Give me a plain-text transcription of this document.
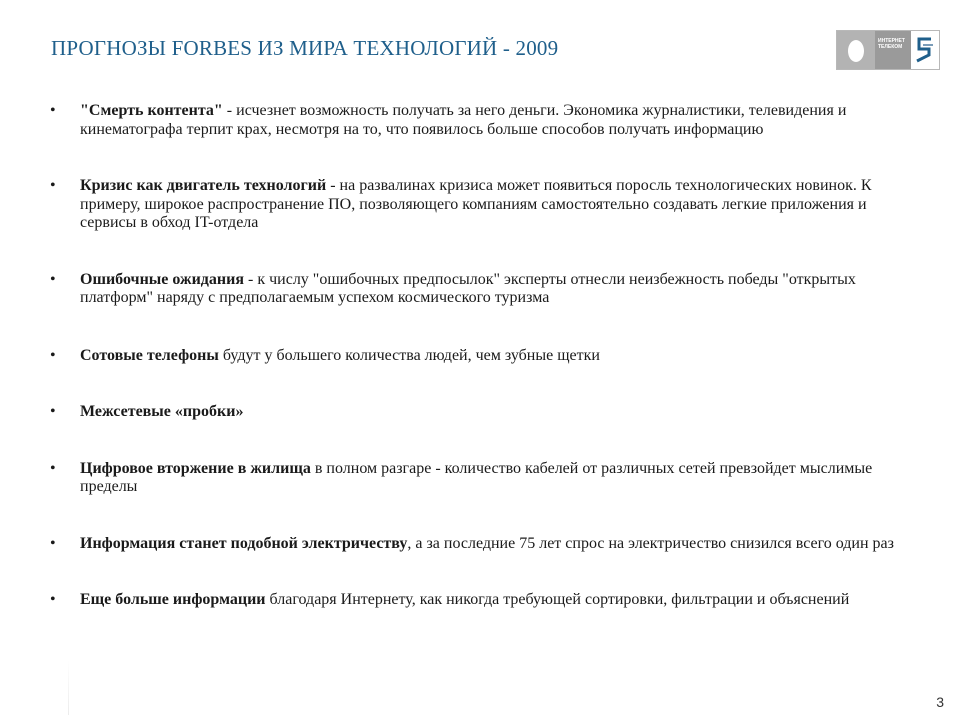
ПРОГНОЗЫ FORBES ИЗ МИРА ТЕХНОЛОГИЙ - 2009	ИНТЕРНЕТ
ТЕЛЕКОМ
• "Смерть контента" - исчезнет возможность получать за него деньги. Экономика журналистики, телевидения и кинематографа терпит крах, несмотря на то, что появилось больше способов получать информацию
• Кризис как двигатель технологий - на развалинах кризиса может появиться поросль технологических новинок. К примеру, широкое распространение ПО, позволяющего компаниям самостоятельно создавать легкие приложения и сервисы в обход IT-отдела
• Ошибочные ожидания - к числу "ошибочных предпосылок" эксперты отнесли неизбежность победы "открытых платформ" наряду с предполагаемым успехом космического туризма
• Сотовые телефоны будут у большего количества людей, чем зубные щетки
• Межсетевые «пробки»
• Цифровое вторжение в жилища в полном разгаре - количество кабелей от различных сетей превзойдет мыслимые пределы
• Информация станет подобной электричеству, а за последние 75 лет спрос на электричество снизился всего один раз
• Еще больше информации благодаря Интернету, как никогда требующей сортировки, фильтрации и объяснений
3
